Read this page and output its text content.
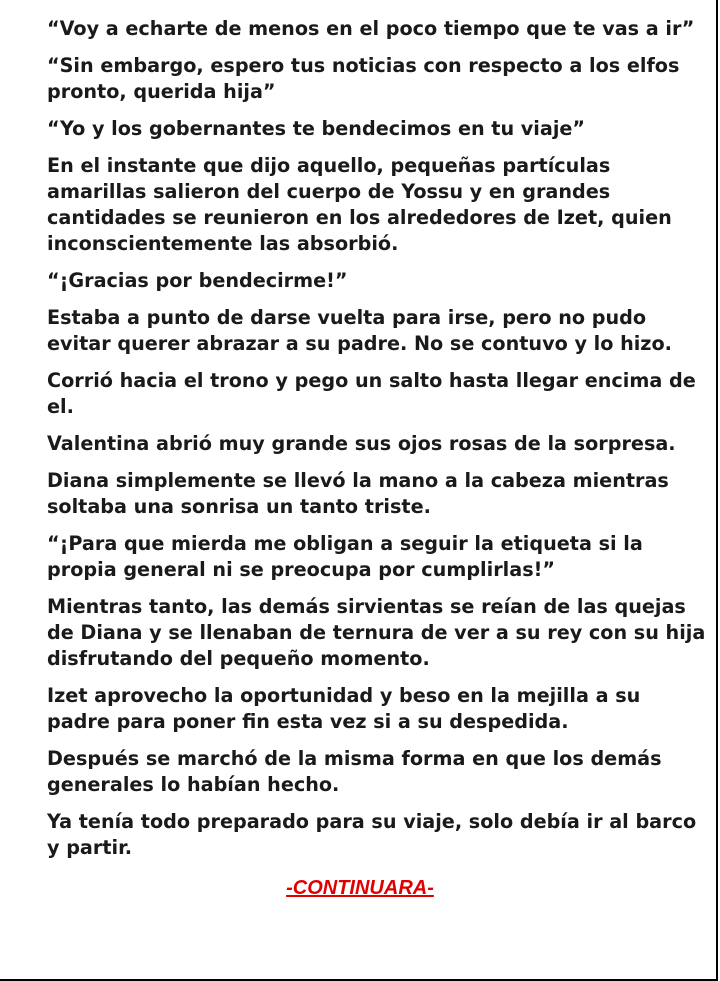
“Voy a echarte de menos en el poco tiempo que te vas a ir”

“Sin embargo, espero tus noticias con respecto a los elfos pronto, querida hija”

“Yo y los gobernantes te bendecimos en tu viaje”

En el instante que dijo aquello, pequeñas partículas amarillas salieron del cuerpo de Yossu y en grandes cantidades se reunieron en los alrededores de Izet, quien inconscientemente las absorbió.

“¡Gracias por bendecirme!”

Estaba a punto de darse vuelta para irse, pero no pudo evitar querer abrazar a su padre. No se contuvo y lo hizo.

Corrió hacia el trono y pego un salto hasta llegar encima de el.

Valentina abrió muy grande sus ojos rosas de la sorpresa.

Diana simplemente se llevó la mano a la cabeza mientras soltaba una sonrisa un tanto triste.

“¡Para que mierda me obligan a seguir la etiqueta si la propia general ni se preocupa por cumplirlas!”

Mientras tanto, las demás sirvientas se reían de las quejas de Diana y se llenaban de ternura de ver a su rey con su hija disfrutando del pequeño momento.

Izet aprovecho la oportunidad y beso en la mejilla a su padre para poner fin esta vez si a su despedida.

Después se marchó de la misma forma en que los demás generales lo habían hecho.

Ya tenía todo preparado para su viaje, solo debía ir al barco y partir.

-CONTINUARA-
